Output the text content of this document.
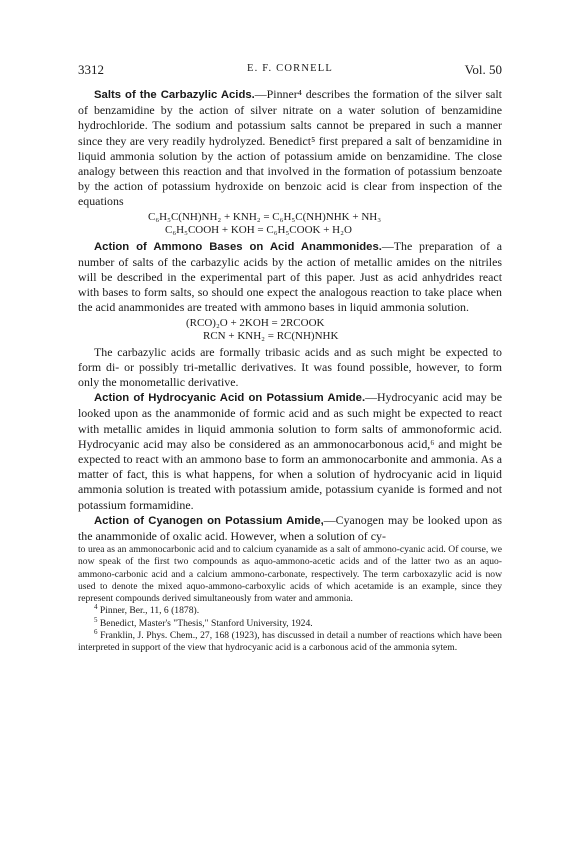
3312	E. F. CORNELL	Vol. 50

Salts of the Carbazylic Acids.—Pinner⁴ describes the formation of the silver salt of benzamidine by the action of silver nitrate on a water solution of benzamidine hydrochloride. The sodium and potassium salts cannot be prepared in such a manner since they are very readily hydrolyzed. Benedict⁵ first prepared a salt of benzamidine in liquid ammonia solution by the action of potassium amide on benzamidine. The close analogy between this reaction and that involved in the formation of potassium benzoate by the action of potassium hydroxide on benzoic acid is clear from inspection of the equations

C₆H₅C(NH)NH₂ + KNH₂ = C₆H₅C(NH)NHK + NH₃
C₆H₅COOH + KOH = C₆H₅COOK + H₂O

Action of Ammono Bases on Acid Anammonides.—The preparation of a number of salts of the carbazylic acids by the action of metallic amides on the nitriles will be described in the experimental part of this paper. Just as acid anhydrides react with bases to form salts, so should one expect the analogous reaction to take place when the acid anammonides are treated with ammono bases in liquid ammonia solution.

(RCO)₂O + 2KOH = 2RCOOK
RCN + KNH₂ = RC(NH)NHK

The carbazylic acids are formally tribasic acids and as such might be expected to form di- or possibly tri-metallic derivatives. It was found possible, however, to form only the monometallic derivative.

Action of Hydrocyanic Acid on Potassium Amide.—Hydrocyanic acid may be looked upon as the anammonide of formic acid and as such might be expected to react with metallic amides in liquid ammonia solution to form salts of ammonoformic acid. Hydrocyanic acid may also be considered as an ammonocarbonous acid,⁶ and might be expected to react with an ammono base to form an ammonocarbonite and ammonia. As a matter of fact, this is what happens, for when a solution of hydrocyanic acid in liquid ammonia solution is treated with potassium amide, potassium cyanide is formed and not potassium formamidine.

Action of Cyanogen on Potassium Amide,—Cyanogen may be looked upon as the anammonide of oxalic acid. However, when a solution of cy-

to urea as an ammonocarbonic acid and to calcium cyanamide as a salt of ammono-cyanic acid. Of course, we now speak of the first two compounds as aquo-ammono-acetic acids and of the latter two as an aquo-ammono-carbonic acid and a calcium ammono-carbonate, respectively. The term carboxazylic acid is now used to denote the mixed aquo-ammono-carboxylic acids of which acetamide is an example, since they represent compounds derived simultaneously from water and ammonia.

$^4$ Pinner, Ber., 11, 6 (1878).

$^5$ Benedict, Master's "Thesis," Stanford University, 1924.

$^6$ Franklin, J. Phys. Chem., 27, 168 (1923), has discussed in detail a number of reactions which have been interpreted in support of the view that hydrocyanic acid is a carbonous acid of the ammonia sytem.
